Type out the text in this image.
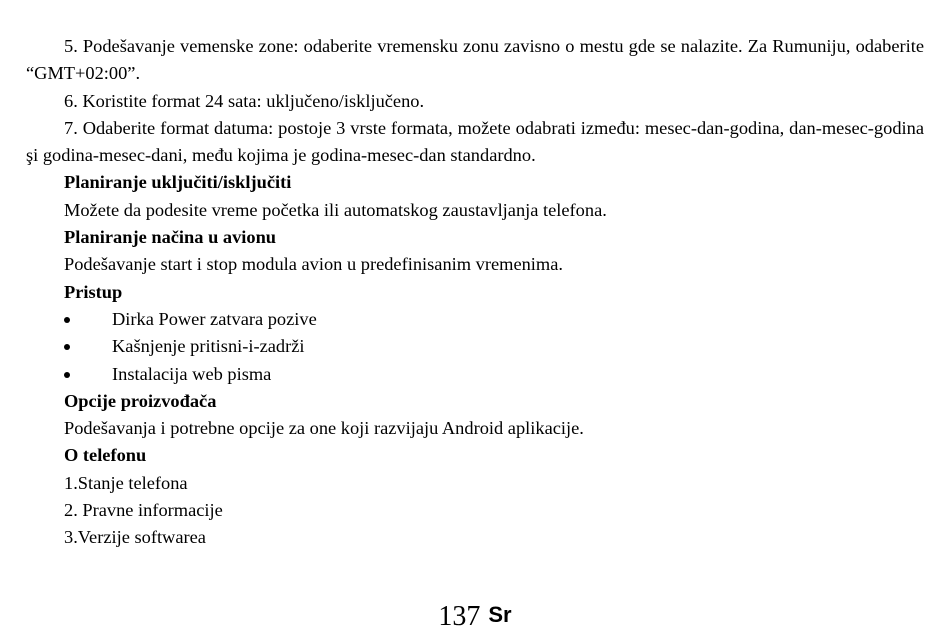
5. Podešavanje vemenske zone: odaberite vremensku zonu zavisno o mestu gde se nalazite. Za Rumuniju, odaberite “GMT+02:00”.

6. Koristite format 24 sata: uključeno/isključeno.

7. Odaberite format datuma: postoje 3 vrste formata, možete odabrati između: mesec-dan-godina, dan-mesec-godina şi godina-mesec-dani, među kojima je godina-mesec-dan standardno.

Planiranje uključiti/isključiti

Možete da podesite vreme početka ili automatskog zaustavljanja telefona.

Planiranje načina u avionu

Podešavanje start i stop modula avion u predefinisanim vremenima.

Pristup

Dirka Power zatvara pozive
Kašnjenje pritisni-i-zadrži
Instalacija web pisma

Opcije proizvođača

Podešavanja i potrebne opcije za one koji razvijaju Android aplikacije.

O telefonu

1.Stanje telefona

2. Pravne informacije

3.Verzije softwarea

137 Sr
